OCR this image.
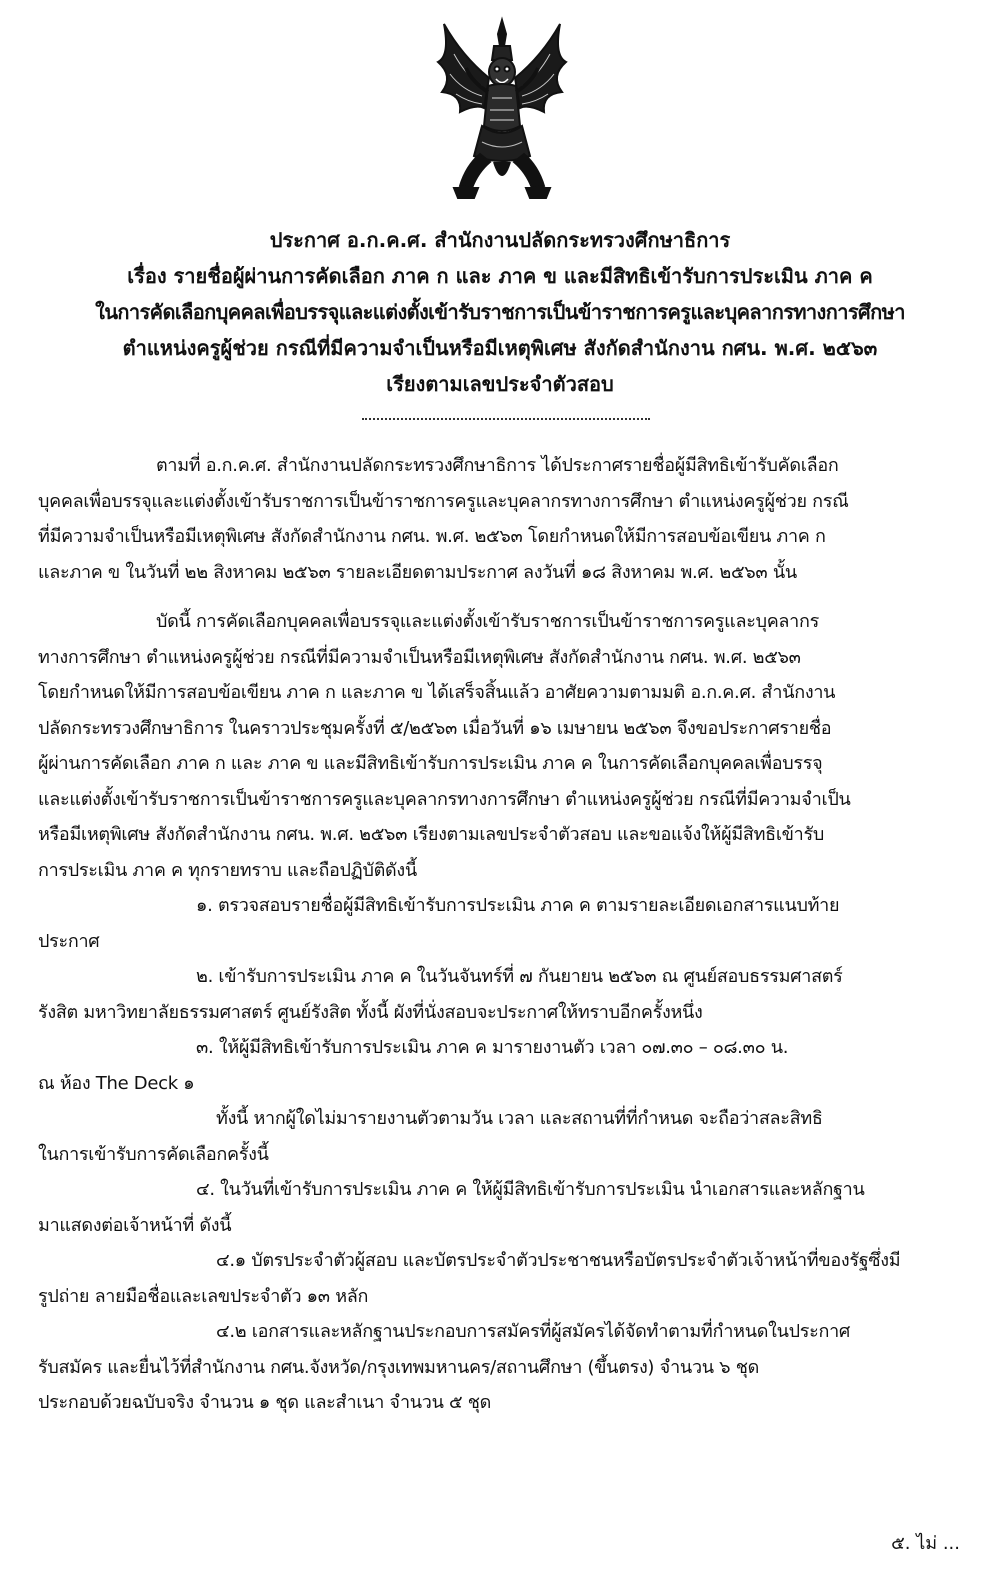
ประกาศ อ.ก.ค.ศ. สำนักงานปลัดกระทรวงศึกษาธิการ
เรื่อง รายชื่อผู้ผ่านการคัดเลือก ภาค ก และ ภาค ข และมีสิทธิเข้ารับการประเมิน ภาค ค
ในการคัดเลือกบุคคลเพื่อบรรจุและแต่งตั้งเข้ารับราชการเป็นข้าราชการครูและบุคลากรทางการศึกษา
ตำแหน่งครูผู้ช่วย กรณีที่มีความจำเป็นหรือมีเหตุพิเศษ สังกัดสำนักงาน กศน. พ.ศ. ๒๕๖๓
เรียงตามเลขประจำตัวสอบ

ตามที่ อ.ก.ค.ศ. สำนักงานปลัดกระทรวงศึกษาธิการ ได้ประกาศรายชื่อผู้มีสิทธิเข้ารับคัดเลือก
บุคคลเพื่อบรรจุและแต่งตั้งเข้ารับราชการเป็นข้าราชการครูและบุคลากรทางการศึกษา ตำแหน่งครูผู้ช่วย กรณี
ที่มีความจำเป็นหรือมีเหตุพิเศษ สังกัดสำนักงาน กศน. พ.ศ. ๒๕๖๓ โดยกำหนดให้มีการสอบข้อเขียน ภาค ก
และภาค ข ในวันที่ ๒๒ สิงหาคม ๒๕๖๓ รายละเอียดตามประกาศ ลงวันที่ ๑๘ สิงหาคม พ.ศ. ๒๕๖๓ นั้น

บัดนี้ การคัดเลือกบุคคลเพื่อบรรจุและแต่งตั้งเข้ารับราชการเป็นข้าราชการครูและบุคลากร
ทางการศึกษา ตำแหน่งครูผู้ช่วย กรณีที่มีความจำเป็นหรือมีเหตุพิเศษ สังกัดสำนักงาน กศน. พ.ศ. ๒๕๖๓
โดยกำหนดให้มีการสอบข้อเขียน ภาค ก และภาค ข ได้เสร็จสิ้นแล้ว อาศัยความตามมติ อ.ก.ค.ศ. สำนักงาน
ปลัดกระทรวงศึกษาธิการ ในคราวประชุมครั้งที่ ๕/๒๕๖๓ เมื่อวันที่ ๑๖ เมษายน ๒๕๖๓ จึงขอประกาศรายชื่อ
ผู้ผ่านการคัดเลือก ภาค ก และ ภาค ข และมีสิทธิเข้ารับการประเมิน ภาค ค ในการคัดเลือกบุคคลเพื่อบรรจุ
และแต่งตั้งเข้ารับราชการเป็นข้าราชการครูและบุคลากรทางการศึกษา ตำแหน่งครูผู้ช่วย กรณีที่มีความจำเป็น
หรือมีเหตุพิเศษ สังกัดสำนักงาน กศน. พ.ศ. ๒๕๖๓ เรียงตามเลขประจำตัวสอบ และขอแจ้งให้ผู้มีสิทธิเข้ารับ
การประเมิน ภาค ค ทุกรายทราบ และถือปฏิบัติดังนี้

๑. ตรวจสอบรายชื่อผู้มีสิทธิเข้ารับการประเมิน ภาค ค ตามรายละเอียดเอกสารแนบท้าย
ประกาศ

๒. เข้ารับการประเมิน ภาค ค ในวันจันทร์ที่ ๗ กันยายน ๒๕๖๓ ณ ศูนย์สอบธรรมศาสตร์
รังสิต มหาวิทยาลัยธรรมศาสตร์ ศูนย์รังสิต ทั้งนี้ ผังที่นั่งสอบจะประกาศให้ทราบอีกครั้งหนึ่ง

๓. ให้ผู้มีสิทธิเข้ารับการประเมิน ภาค ค มารายงานตัว เวลา ๐๗.๓๐ – ๐๘.๓๐ น.
ณ ห้อง The Deck ๑

ทั้งนี้ หากผู้ใดไม่มารายงานตัวตามวัน เวลา และสถานที่ที่กำหนด จะถือว่าสละสิทธิ
ในการเข้ารับการคัดเลือกครั้งนี้

๔. ในวันที่เข้ารับการประเมิน ภาค ค ให้ผู้มีสิทธิเข้ารับการประเมิน นำเอกสารและหลักฐาน
มาแสดงต่อเจ้าหน้าที่ ดังนี้

๔.๑ บัตรประจำตัวผู้สอบ และบัตรประจำตัวประชาชนหรือบัตรประจำตัวเจ้าหน้าที่ของรัฐซึ่งมี
รูปถ่าย ลายมือชื่อและเลขประจำตัว ๑๓ หลัก

๔.๒ เอกสารและหลักฐานประกอบการสมัครที่ผู้สมัครได้จัดทำตามที่กำหนดในประกาศ
รับสมัคร และยื่นไว้ที่สำนักงาน กศน.จังหวัด/กรุงเทพมหานคร/สถานศึกษา (ขึ้นตรง) จำนวน ๖ ชุด
ประกอบด้วยฉบับจริง จำนวน ๑ ชุด และสำเนา จำนวน ๕ ชุด

๕. ไม่ ...
